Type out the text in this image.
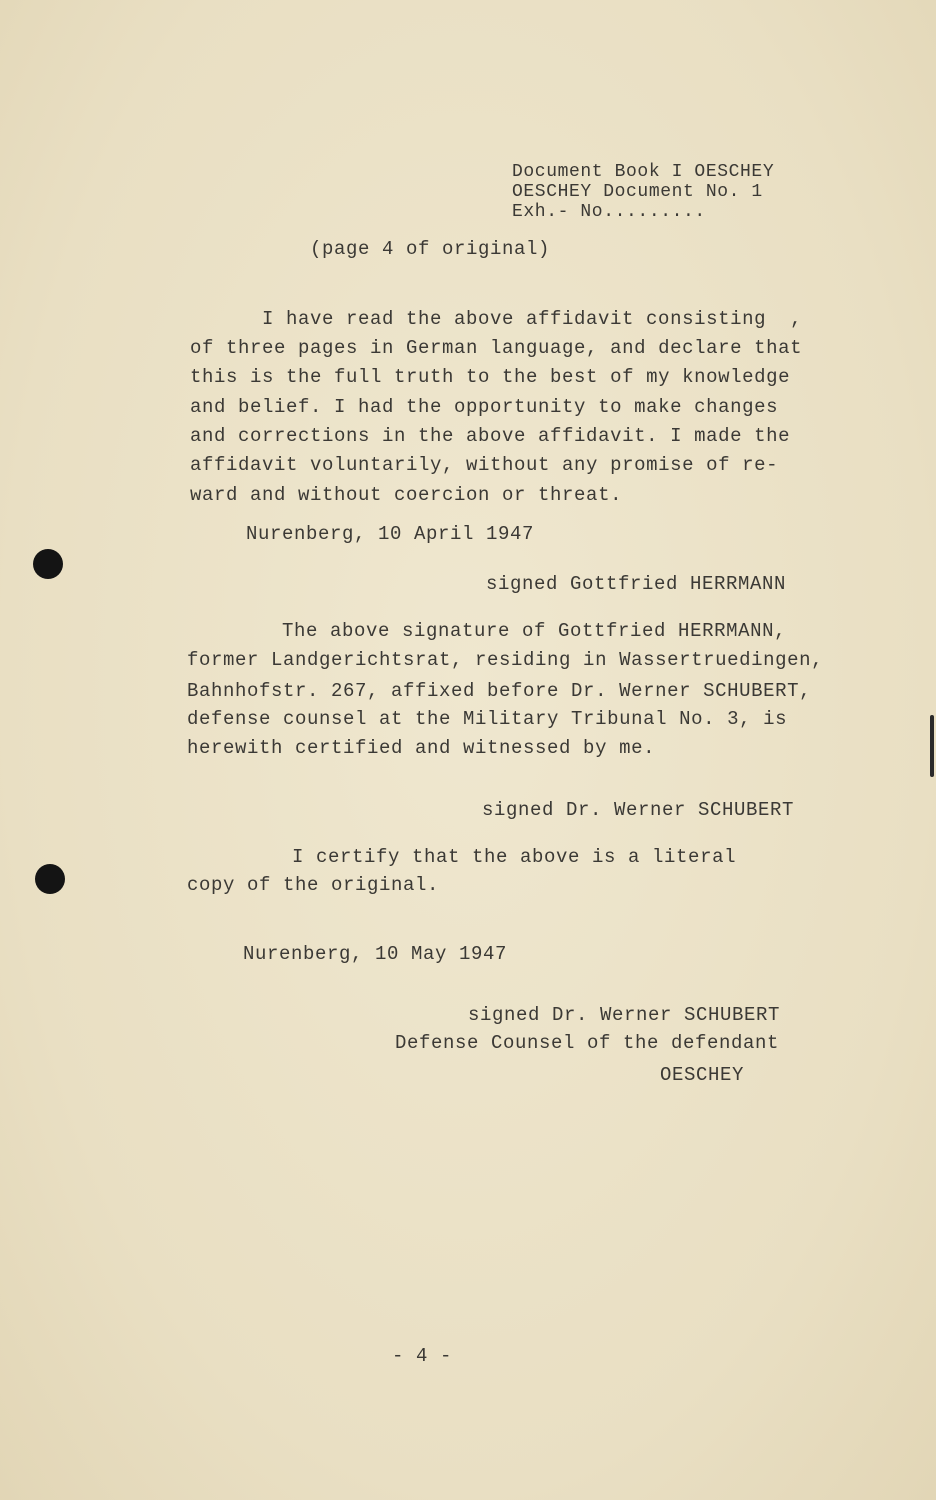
Document Book I OESCHEY
OESCHEY Document No. 1
Exh.- No.........
(page 4 of original)
I have read the above affidavit consisting  ,
of three pages in German language, and declare that
this is the full truth to the best of my knowledge
and belief. I had the opportunity to make changes
and corrections in the above affidavit. I made the
affidavit voluntarily, without any promise of re-
ward and without coercion or threat.
Nurenberg, 10 April 1947
signed Gottfried HERRMANN
The above signature of Gottfried HERRMANN,
former Landgerichtsrat, residing in Wassertruedingen,
Bahnhofstr. 267, affixed before Dr. Werner SCHUBERT,
defense counsel at the Military Tribunal No. 3, is
herewith certified and witnessed by me.
signed Dr. Werner SCHUBERT
I certify that the above is a literal
copy of the original.
Nurenberg, 10 May 1947
signed Dr. Werner SCHUBERT
Defense Counsel of the defendant
OESCHEY
- 4 -
